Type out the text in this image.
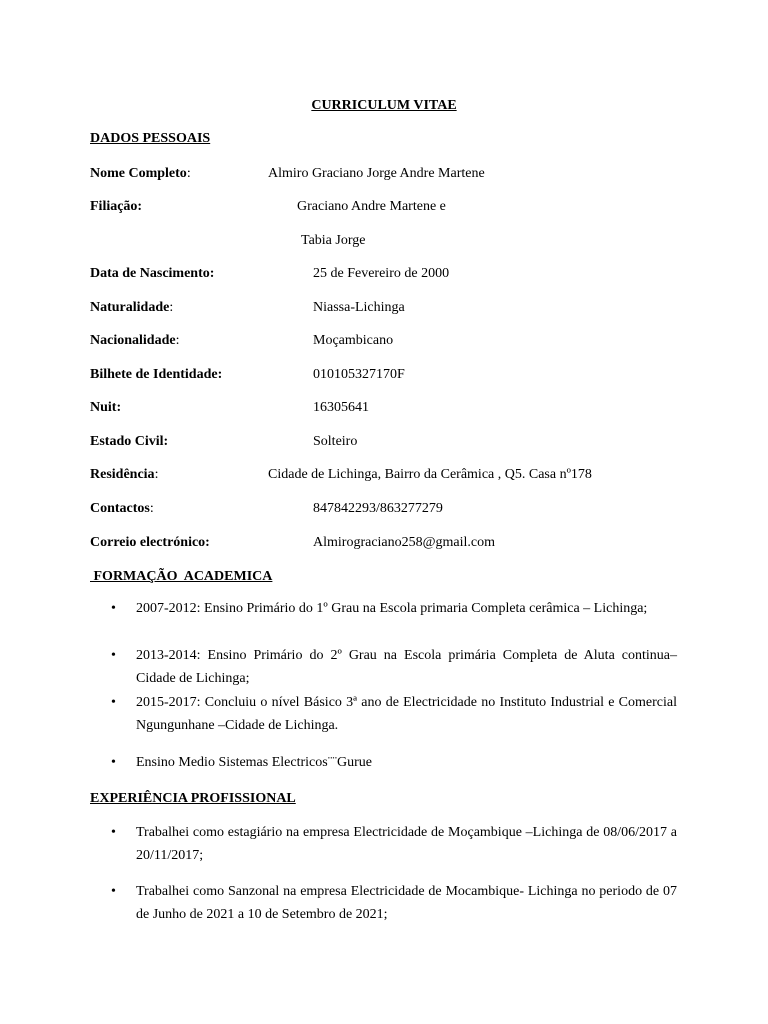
CURRICULUM VITAE
DADOS PESSOAIS
Nome Completo:	Almiro Graciano Jorge Andre Martene
Filiação:	Graciano Andre Martene e
Tabia Jorge
Data de Nascimento:	25 de Fevereiro de 2000
Naturalidade:	Niassa-Lichinga
Nacionalidade:	Moçambicano
Bilhete de Identidade:	010105327170F
Nuit:	16305641
Estado Civil:	Solteiro
Residência:	Cidade de Lichinga, Bairro da Cerâmica , Q5. Casa nº178
Contactos:	847842293/863277279
Correio electrónico:	Almirograciano258@gmail.com
FORMAÇÃO  ACADEMICA
• 2007-2012: Ensino Primário do 1º Grau na Escola primaria Completa cerâmica – Lichinga;
• 2013-2014: Ensino Primário do 2º Grau na Escola primária Completa de Aluta continua– Cidade de Lichinga;
• 2015-2017: Concluiu o nível Básico 3ª ano de Electricidade no Instituto Industrial e Comercial Ngungunhane –Cidade de Lichinga.
• Ensino Medio Sistemas Electricos¨¨Gurue
EXPERIÊNCIA PROFISSIONAL
• Trabalhei como estagiário na empresa Electricidade de Moçambique –Lichinga de 08/06/2017 a 20/11/2017;
• Trabalhei como Sanzonal na empresa Electricidade de Mocambique- Lichinga no periodo de 07 de Junho de 2021 a 10 de Setembro de 2021;
